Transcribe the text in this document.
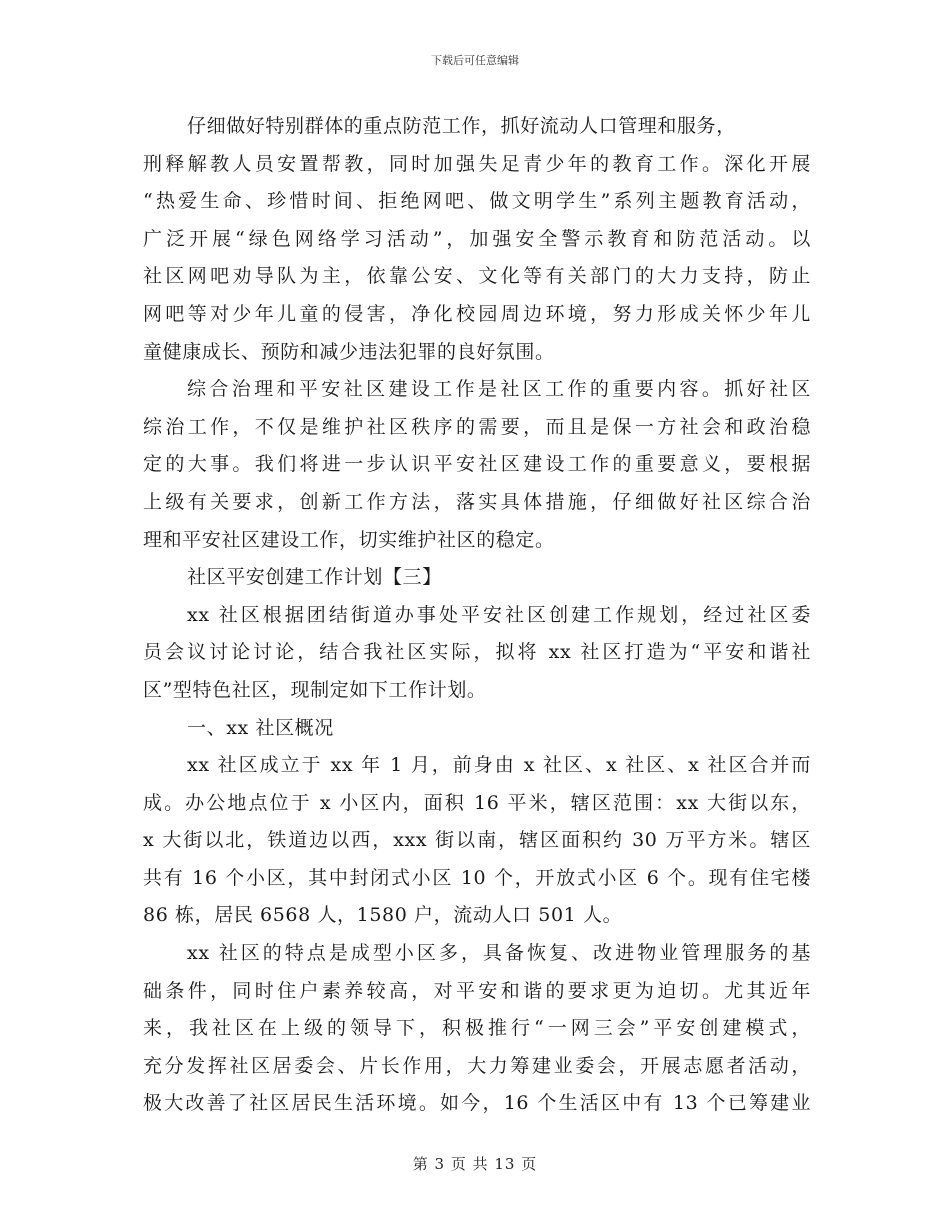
下载后可任意编辑
仔细做好特别群体的重点防范工作，抓好流动人口管理和服务，
刑释解教人员安置帮教，同时加强失足青少年的教育工作。深化开展
“热爱生命、珍惜时间、拒绝网吧、做文明学生”系列主题教育活动，
广泛开展“绿色网络学习活动”，加强安全警示教育和防范活动。以
社区网吧劝导队为主，依靠公安、文化等有关部门的大力支持，防止
网吧等对少年儿童的侵害，净化校园周边环境，努力形成关怀少年儿
童健康成长、预防和减少违法犯罪的良好氛围。
综合治理和平安社区建设工作是社区工作的重要内容。抓好社区
综治工作，不仅是维护社区秩序的需要，而且是保一方社会和政治稳
定的大事。我们将进一步认识平安社区建设工作的重要意义，要根据
上级有关要求，创新工作方法，落实具体措施，仔细做好社区综合治
理和平安社区建设工作，切实维护社区的稳定。
社区平安创建工作计划【三】
xx 社区根据团结街道办事处平安社区创建工作规划，经过社区委
员会议讨论讨论，结合我社区实际，拟将 xx 社区打造为“平安和谐社
区”型特色社区，现制定如下工作计划。
一、xx 社区概况
xx 社区成立于 xx 年 1 月，前身由 x 社区、x 社区、x 社区合并而
成。办公地点位于 x 小区内，面积 16 平米，辖区范围：xx 大街以东，
x 大街以北，铁道边以西，xxx 街以南，辖区面积约 30 万平方米。辖区
共有 16 个小区，其中封闭式小区 10 个，开放式小区 6 个。现有住宅楼
86 栋，居民 6568 人，1580 户，流动人口 501 人。
xx 社区的特点是成型小区多，具备恢复、改进物业管理服务的基
础条件，同时住户素养较高，对平安和谐的要求更为迫切。尤其近年
来，我社区在上级的领导下，积极推行“一网三会”平安创建模式，
充分发挥社区居委会、片长作用，大力筹建业委会，开展志愿者活动，
极大改善了社区居民生活环境。如今，16 个生活区中有 13 个已筹建业
第 3 页 共 13 页
